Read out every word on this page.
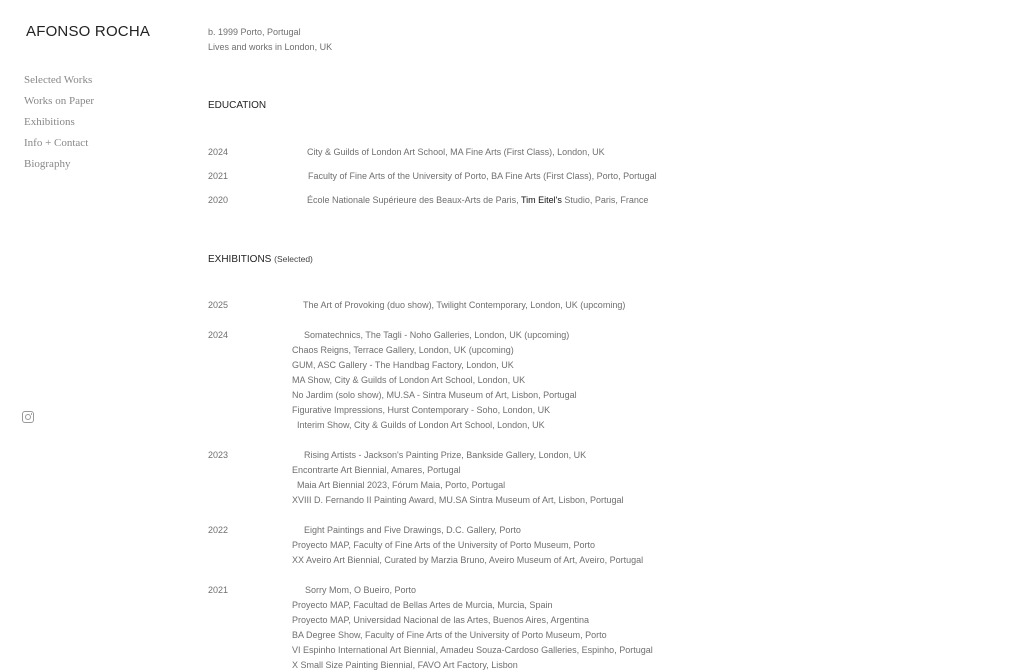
AFONSO ROCHA
Selected Works
Works on Paper
Exhibitions
Info + Contact
Biography
b. 1999 Porto, Portugal
Lives and works in London, UK
EDUCATION
2024	City & Guilds of London Art School, MA Fine Arts (First Class), London, UK
2021	Faculty of Fine Arts of the University of Porto, BA Fine Arts (First Class), Porto, Portugal
2020	École Nationale Supérieure des Beaux-Arts de Paris, Tim Eitel's Studio, Paris, France
EXHIBITIONS (Selected)
2025	The Art of Provoking (duo show), Twilight Contemporary, London, UK (upcoming)
2024	Somatechnics, The Tagli - Noho Galleries, London, UK (upcoming)
Chaos Reigns, Terrace Gallery, London, UK (upcoming)
GUM, ASC Gallery - The Handbag Factory, London, UK
MA Show, City & Guilds of London Art School, London, UK
No Jardim (solo show), MU.SA - Sintra Museum of Art, Lisbon, Portugal
Figurative Impressions, Hurst Contemporary - Soho, London, UK
Interim Show, City & Guilds of London Art School, London, UK
2023	Rising Artists - Jackson's Painting Prize, Bankside Gallery, London, UK
Encontrarte Art Biennial, Amares, Portugal
Maia Art Biennial 2023, Fórum Maia, Porto, Portugal
XVIII D. Fernando II Painting Award, MU.SA Sintra Museum of Art, Lisbon, Portugal
2022	Eight Paintings and Five Drawings, D.C. Gallery, Porto
Proyecto MAP, Faculty of Fine Arts of the University of Porto Museum, Porto
XX Aveiro Art Biennial, Curated by Marzia Bruno, Aveiro Museum of Art, Aveiro, Portugal
2021	Sorry Mom, O Bueiro, Porto
Proyecto MAP, Facultad de Bellas Artes de Murcia, Murcia, Spain
Proyecto MAP, Universidad Nacional de las Artes, Buenos Aires, Argentina
BA Degree Show, Faculty of Fine Arts of the University of Porto Museum, Porto
VI Espinho International Art Biennial, Amadeu Souza-Cardoso Galleries, Espinho, Portugal
X Small Size Painting Biennial, FAVO Art Factory, Lisbon
